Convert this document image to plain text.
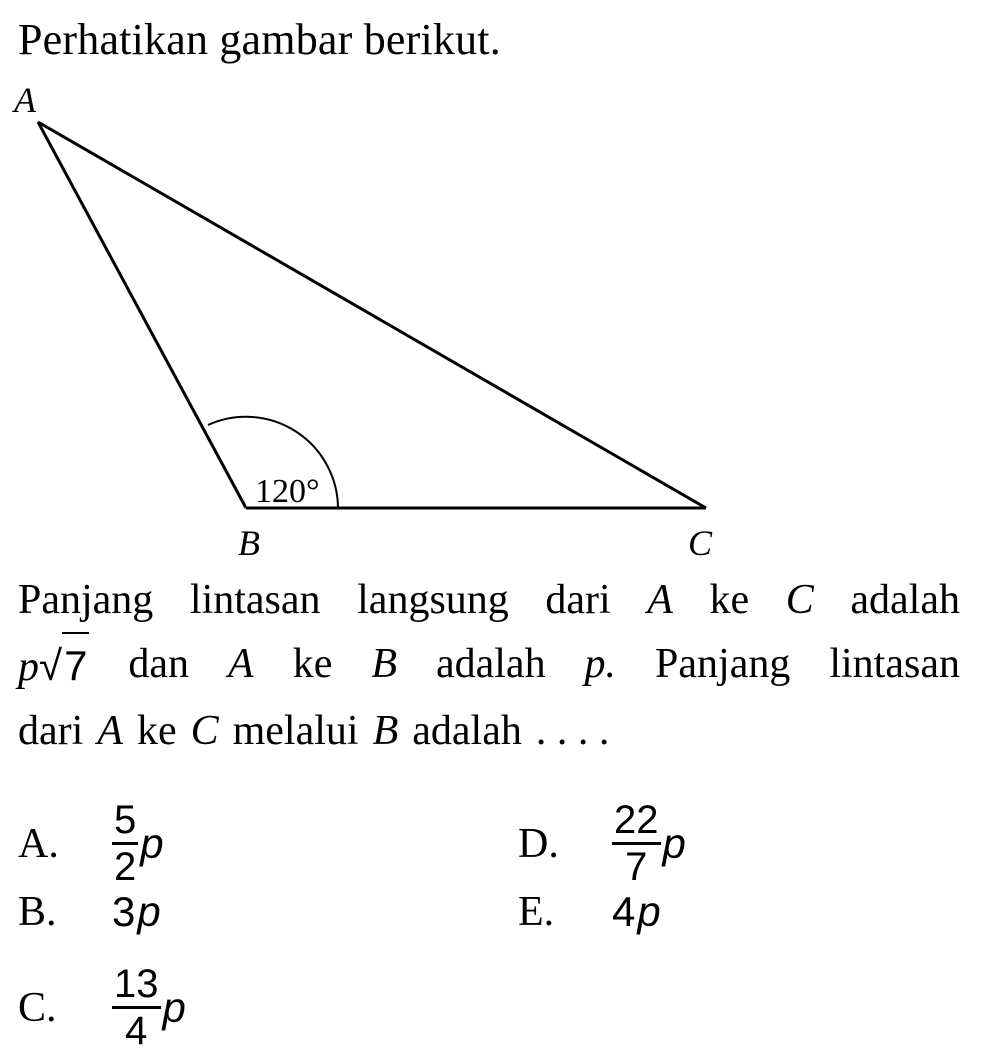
Perhatikan gambar berikut.
A
B	C
120°
Panjang lintasan langsung dari A ke C adalah
p√7 dan A ke B adalah p. Panjang lintasan
dari A ke C melalui B adalah . . . .
A.	$\frac{5}{2}$ p
B.	3 p
C.	$\frac{13}{4}$ p
D.	$\frac{22}{7}$ p
E.	4 p
